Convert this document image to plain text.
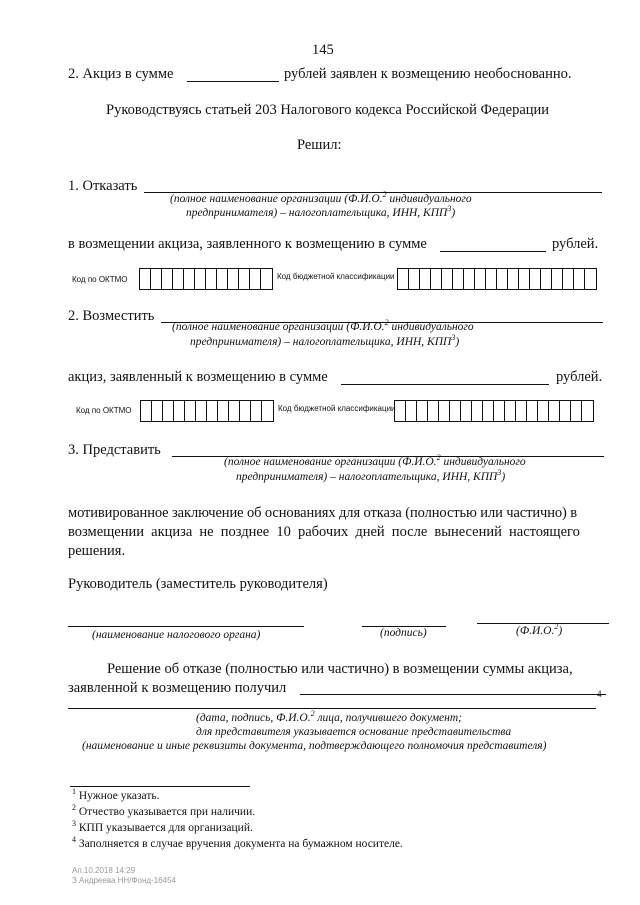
145
2. Акциз в сумме	рублей заявлен к возмещению необоснованно.
Руководствуясь статьей 203 Налогового кодекса Российской Федерации
Решил:
1. Отказать
(полное наименование организации (Ф.И.О.$^2$ индивидуального
предпринимателя) – налогоплательщика, ИНН, КПП$^3$)
в возмещении акциза, заявленного к возмещению в сумме	рублей.
Код по ОКТМО	Код бюджетной классификации
2. Возместить
(полное наименование организации (Ф.И.О.$^2$ индивидуального
предпринимателя) – налогоплательщика, ИНН, КПП$^3$)
акциз, заявленный к возмещению в сумме	рублей.
Код по ОКТМО	Код бюджетной классификации
3. Представить
(полное наименование организации (Ф.И.О.$^2$ индивидуального
предпринимателя) – налогоплательщика, ИНН, КПП$^3$)
мотивированное заключение об основаниях для отказа (полностью или частично) в
возмещении акциза не позднее 10 рабочих дней после вынесений настоящего
решения.
Руководитель (заместитель руководителя)
(наименование налогового органа)	(подпись)	(Ф.И.О.$^2$)
Решение об отказе (полностью или частично) в возмещении суммы акциза,
заявленной к возмещению получил	4
(дата, подпись, Ф.И.О.$^2$ лица, получившего документ;
для представителя указывается основание представительства
(наименование и иные реквизиты документа, подтверждающего полномочия представителя)
$^1$ Нужное указать.
$^2$ Отчество указывается при наличии.
$^3$ КПП указывается для организаций.
$^4$ Заполняется в случае вручения документа на бумажном носителе.
Ап.10.2018 14:29
З Андреева НН/Фонд-16454
